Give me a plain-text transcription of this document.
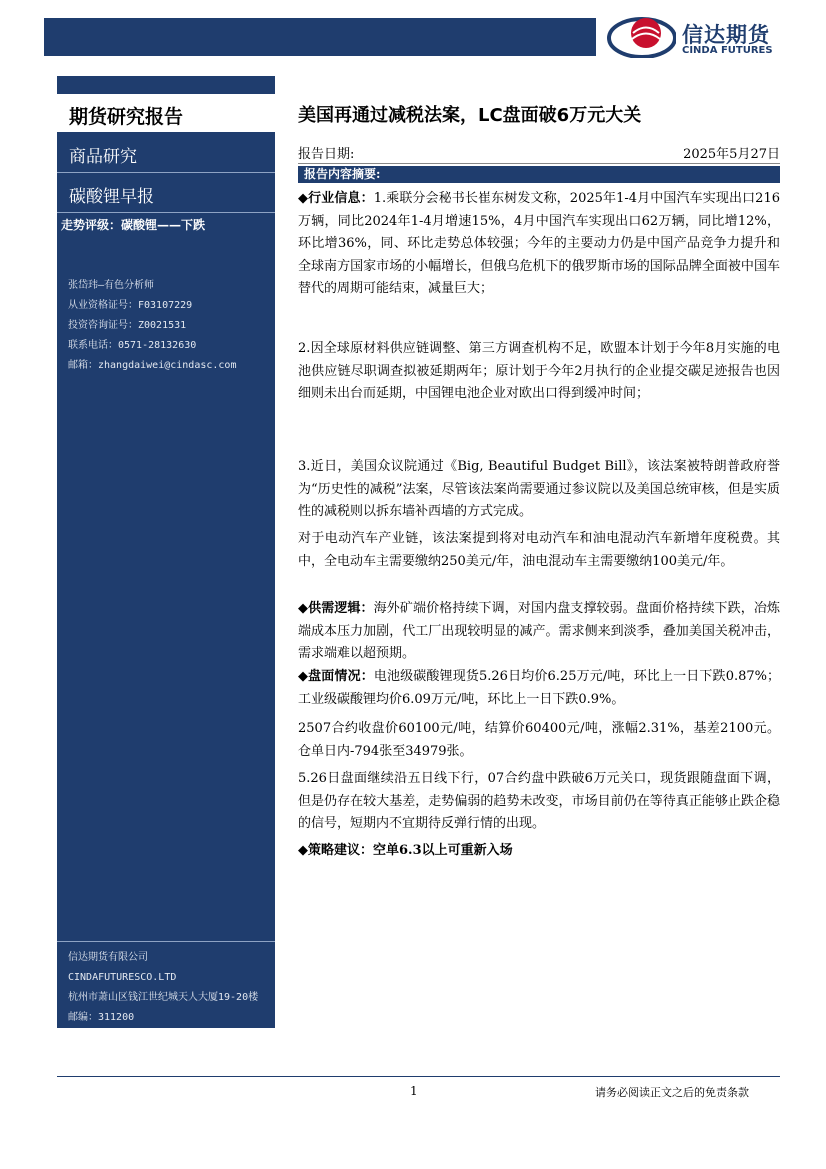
信达期货
CINDA FUTURES
期货研究报告
商品研究
碳酸锂早报
走势评级：碳酸锂——下跌
张岱玮—有色分析师
从业资格证号：F03107229
投资咨询证号：Z0021531
联系电话：0571-28132630
邮箱：zhangdaiwei@cindasc.com
信达期货有限公司
CINDAFUTURESCO.LTD
杭州市萧山区钱江世纪城天人大厦19-20楼
邮编：311200
美国再通过减税法案，LC盘面破6万元大关
报告日期:	2025年5月27日
报告内容摘要:
◆行业信息：1.乘联分会秘书长崔东树发文称，2025年1-4月中国汽车实现出口216万辆，同比2024年1-4月增速15%，4月中国汽车实现出口62万辆，同比增12%，环比增36%，同、环比走势总体较强；今年的主要动力仍是中国产品竞争力提升和全球南方国家市场的小幅增长，但俄乌危机下的俄罗斯市场的国际品牌全面被中国车替代的周期可能结束，减量巨大；
2.因全球原材料供应链调整、第三方调查机构不足，欧盟本计划于今年8月实施的电池供应链尽职调查拟被延期两年；原计划于今年2月执行的企业提交碳足迹报告也因细则未出台而延期，中国锂电池企业对欧出口得到缓冲时间；
3.近日，美国众议院通过《Big, Beautiful Budget Bill》，该法案被特朗普政府誉为“历史性的减税”法案，尽管该法案尚需要通过参议院以及美国总统审核，但是实质性的减税则以拆东墙补西墙的方式完成。
对于电动汽车产业链，该法案提到将对电动汽车和油电混动汽车新增年度税费。其中，全电动车主需要缴纳250美元/年，油电混动车主需要缴纳100美元/年。
◆供需逻辑：海外矿端价格持续下调，对国内盘支撑较弱。盘面价格持续下跌，冶炼端成本压力加剧，代工厂出现较明显的减产。需求侧来到淡季，叠加美国关税冲击，需求端难以超预期。
◆盘面情况：电池级碳酸锂现货5.26日均价6.25万元/吨，环比上一日下跌0.87%；工业级碳酸锂均价6.09万元/吨，环比上一日下跌0.9%。
2507合约收盘价60100元/吨，结算价60400元/吨，涨幅2.31%，基差2100元。仓单日内-794张至34979张。
5.26日盘面继续沿五日线下行，07合约盘中跌破6万元关口，现货跟随盘面下调，但是仍存在较大基差，走势偏弱的趋势未改变，市场目前仍在等待真正能够止跌企稳的信号，短期内不宜期待反弹行情的出现。
◆策略建议：空单6.3以上可重新入场
1	请务必阅读正文之后的免责条款
